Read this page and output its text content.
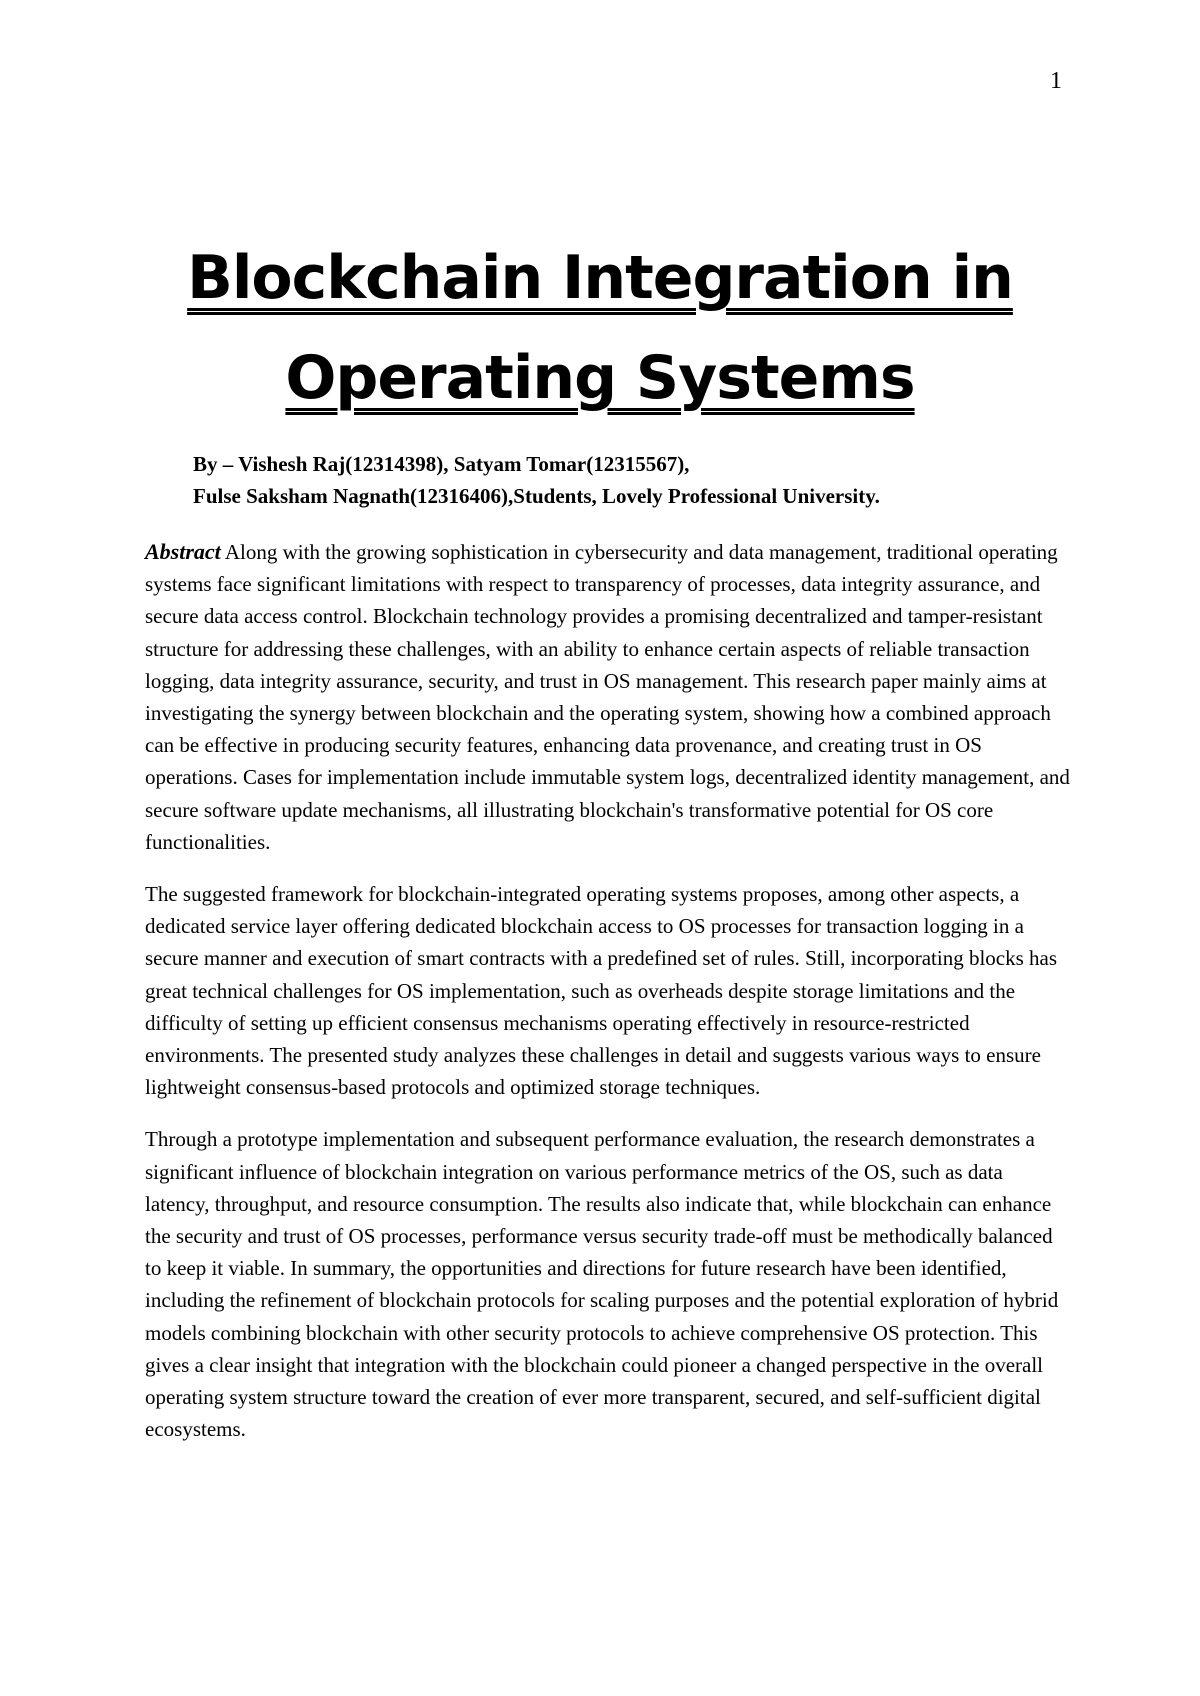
1
Blockchain Integration in
Operating Systems
By – Vishesh Raj(12314398), Satyam Tomar(12315567),
Fulse Saksham Nagnath(12316406),Students, Lovely Professional University.

Abstract Along with the growing sophistication in cybersecurity and data management, traditional operating systems face significant limitations with respect to transparency of processes, data integrity assurance, and secure data access control. Blockchain technology provides a promising decentralized and tamper-resistant structure for addressing these challenges, with an ability to enhance certain aspects of reliable transaction logging, data integrity assurance, security, and trust in OS management. This research paper mainly aims at investigating the synergy between blockchain and the operating system, showing how a combined approach can be effective in producing security features, enhancing data provenance, and creating trust in OS operations. Cases for implementation include immutable system logs, decentralized identity management, and secure software update mechanisms, all illustrating blockchain's transformative potential for OS core functionalities.

The suggested framework for blockchain-integrated operating systems proposes, among other aspects, a dedicated service layer offering dedicated blockchain access to OS processes for transaction logging in a secure manner and execution of smart contracts with a predefined set of rules. Still, incorporating blocks has great technical challenges for OS implementation, such as overheads despite storage limitations and the difficulty of setting up efficient consensus mechanisms operating effectively in resource-restricted environments. The presented study analyzes these challenges in detail and suggests various ways to ensure lightweight consensus-based protocols and optimized storage techniques.

Through a prototype implementation and subsequent performance evaluation, the research demonstrates a significant influence of blockchain integration on various performance metrics of the OS, such as data latency, throughput, and resource consumption. The results also indicate that, while blockchain can enhance the security and trust of OS processes, performance versus security trade-off must be methodically balanced to keep it viable. In summary, the opportunities and directions for future research have been identified, including the refinement of blockchain protocols for scaling purposes and the potential exploration of hybrid models combining blockchain with other security protocols to achieve comprehensive OS protection. This gives a clear insight that integration with the blockchain could pioneer a changed perspective in the overall operating system structure toward the creation of ever more transparent, secured, and self-sufficient digital ecosystems.
